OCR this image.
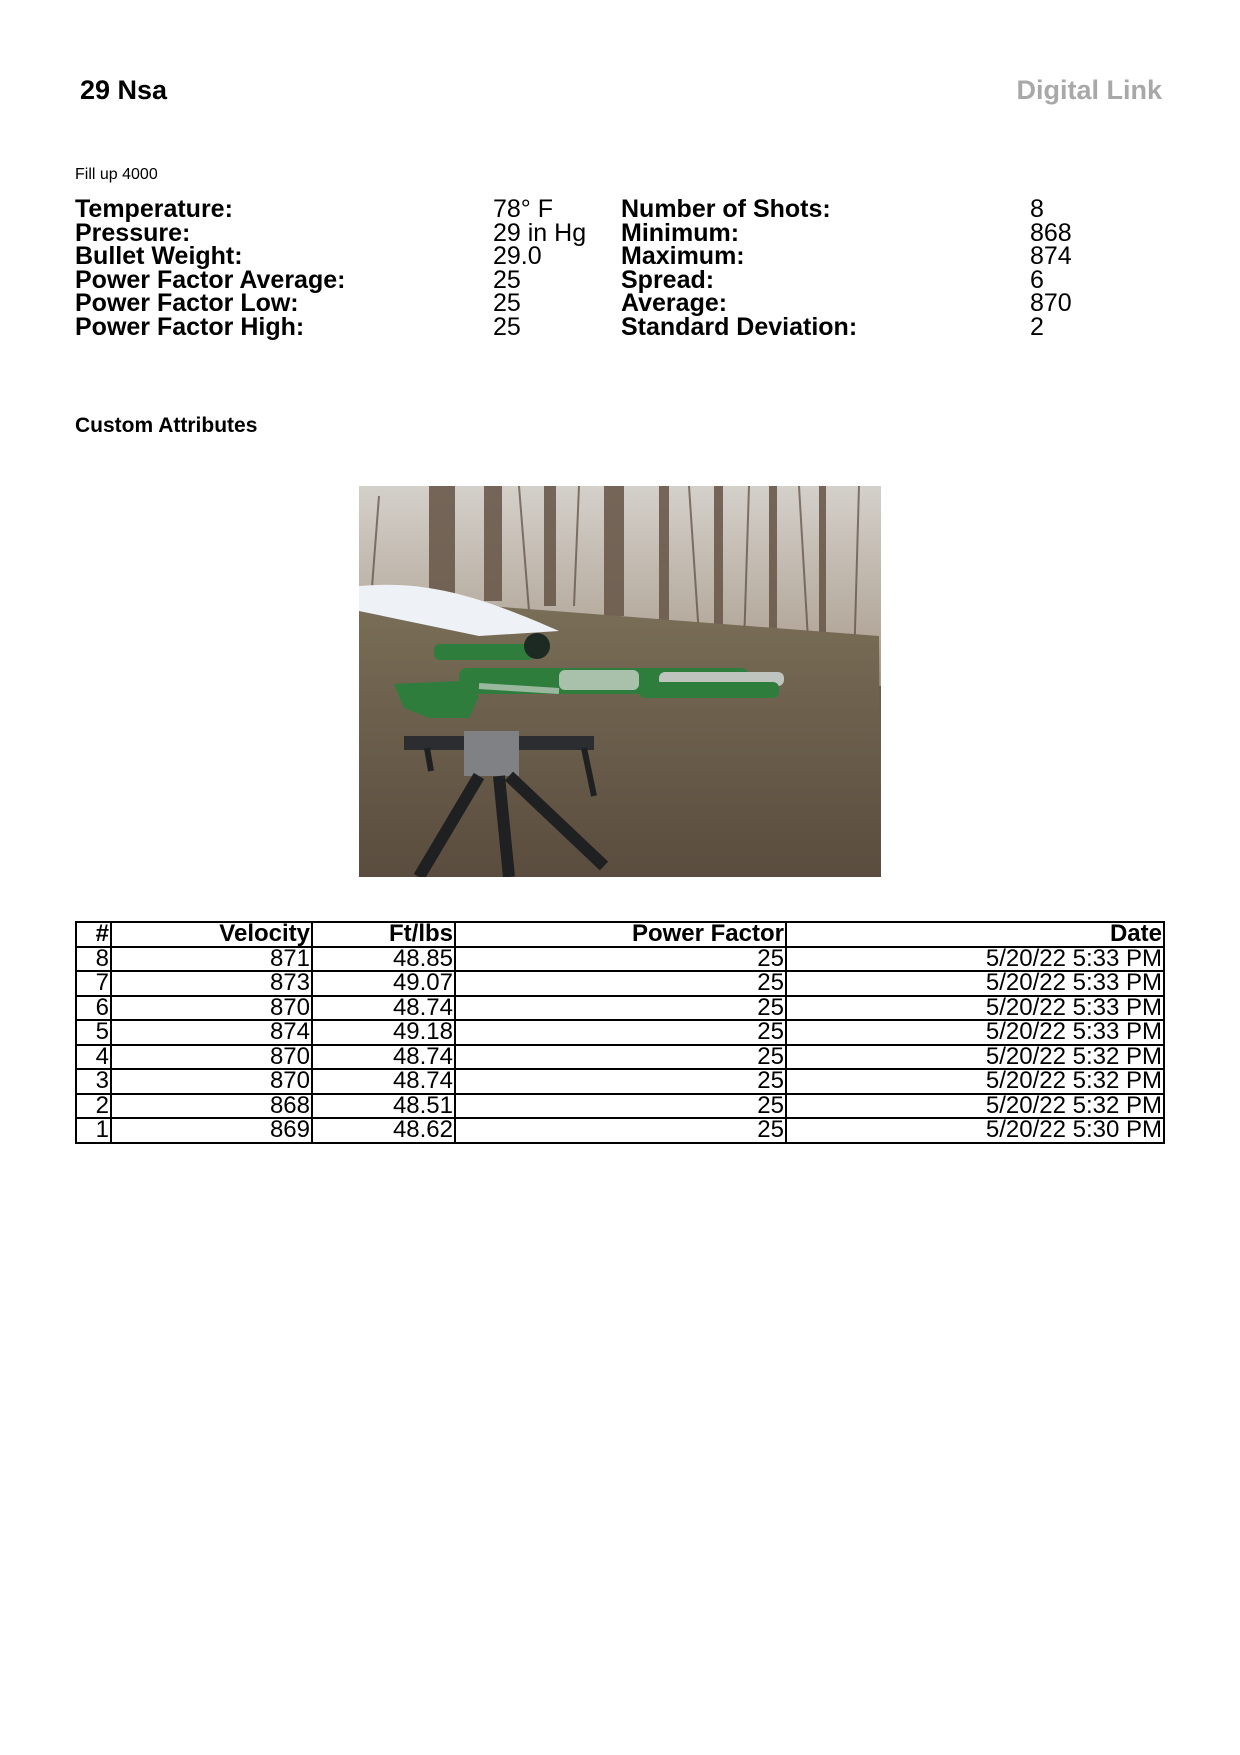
29 Nsa	Digital Link
Fill up 4000
Temperature:	78° F
Pressure:	29 in Hg
Bullet Weight:	29.0
Power Factor Average:	25
Power Factor Low:	25
Power Factor High:	25
Number of Shots:	8
Minimum:	868
Maximum:	874
Spread:	6
Average:	870
Standard Deviation:	2
Custom Attributes
#	Velocity	Ft/lbs	Power Factor	Date
8	871	48.85	25	5/20/22 5:33 PM
7	873	49.07	25	5/20/22 5:33 PM
6	870	48.74	25	5/20/22 5:33 PM
5	874	49.18	25	5/20/22 5:33 PM
4	870	48.74	25	5/20/22 5:32 PM
3	870	48.74	25	5/20/22 5:32 PM
2	868	48.51	25	5/20/22 5:32 PM
1	869	48.62	25	5/20/22 5:30 PM
